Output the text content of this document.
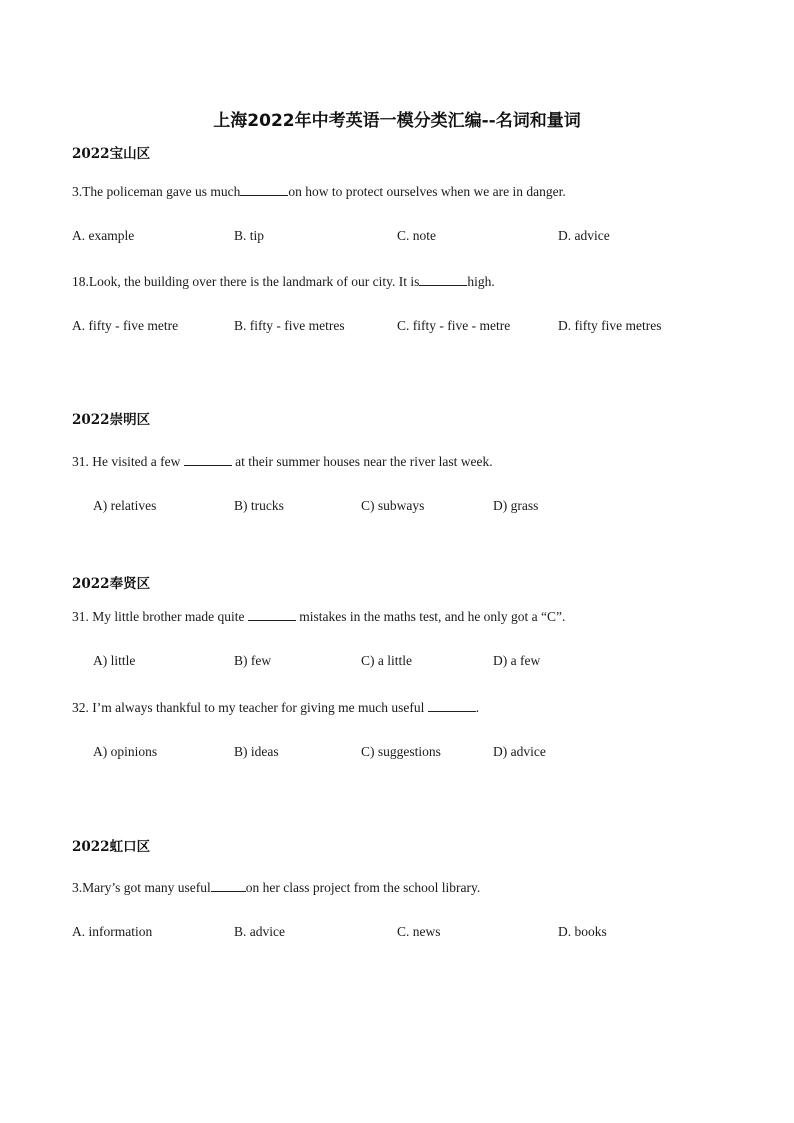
上海2022年中考英语一模分类汇编--名词和量词
2022宝山区
3.The policeman gave us much	on how to protect ourselves when we are in danger.
A. example	B. tip	C. note	D. advice
18.Look, the building over there is the landmark of our city. It is	high.
A. fifty - five metre	B. fifty - five metres	C. fifty - five - metre	D. fifty five metres
2022崇明区
31. He visited a few	at their summer houses near the river last week.
A) relatives	B) trucks	C) subways	D) grass
2022奉贤区
31. My little brother made quite	mistakes in the maths test, and he only got a “C”.
A) little	B) few	C) a little	D) a few
32. I’m always thankful to my teacher for giving me much useful	.
A) opinions	B) ideas	C) suggestions	D) advice
2022虹口区
3.Mary’s got many useful	on her class project from the school library.
A. information	B. advice	C. news	D. books
